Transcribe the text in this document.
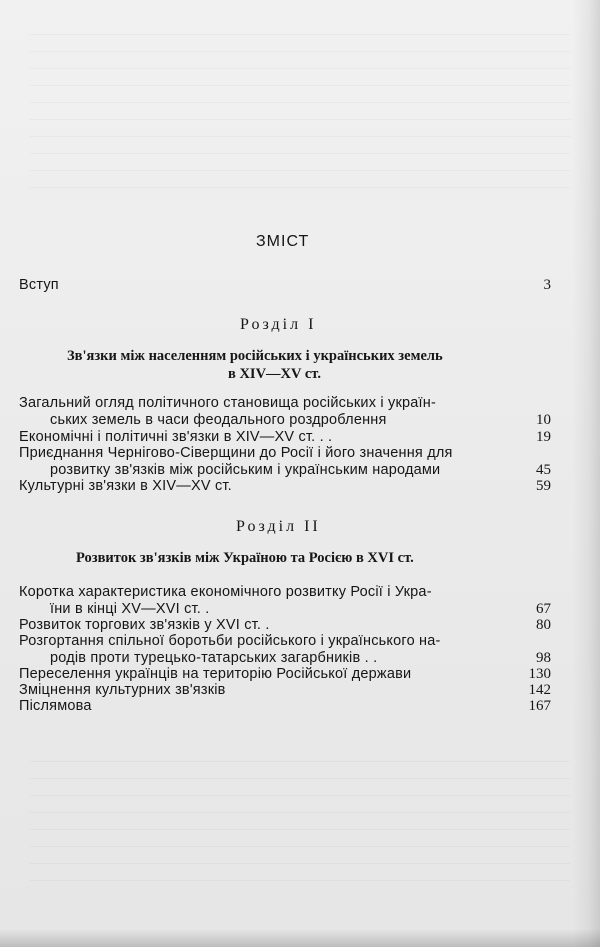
ЗМІСТ
Вступ	3
Розділ І
Зв'язки між населенням російських і українських земель
в XIV—XV ст.
Загальний огляд політичного становища російських і україн-
ських земель в часи феодального роздроблення	10
Економічні і політичні зв'язки в XIV—XV ст. . .	19
Приєднання Чернігово-Сіверщини до Росії і його значення для
розвитку зв'язків між російським і українським народами	45
Культурні зв'язки в XIV—XV ст.	59
Розділ II
Розвиток зв'язків між Україною та Росією в XVI ст.
Коротка характеристика економічного розвитку Росії і Укра-
їни в кінці XV—XVI ст. .	67
Розвиток торгових зв'язків у XVI ст. .	80
Розгортання спільної боротьби російського і українського на-
родів проти турецько-татарських загарбників . .	98
Переселення українців на територію Російської держави	130
Зміцнення культурних зв'язків	142
Післямова	167
